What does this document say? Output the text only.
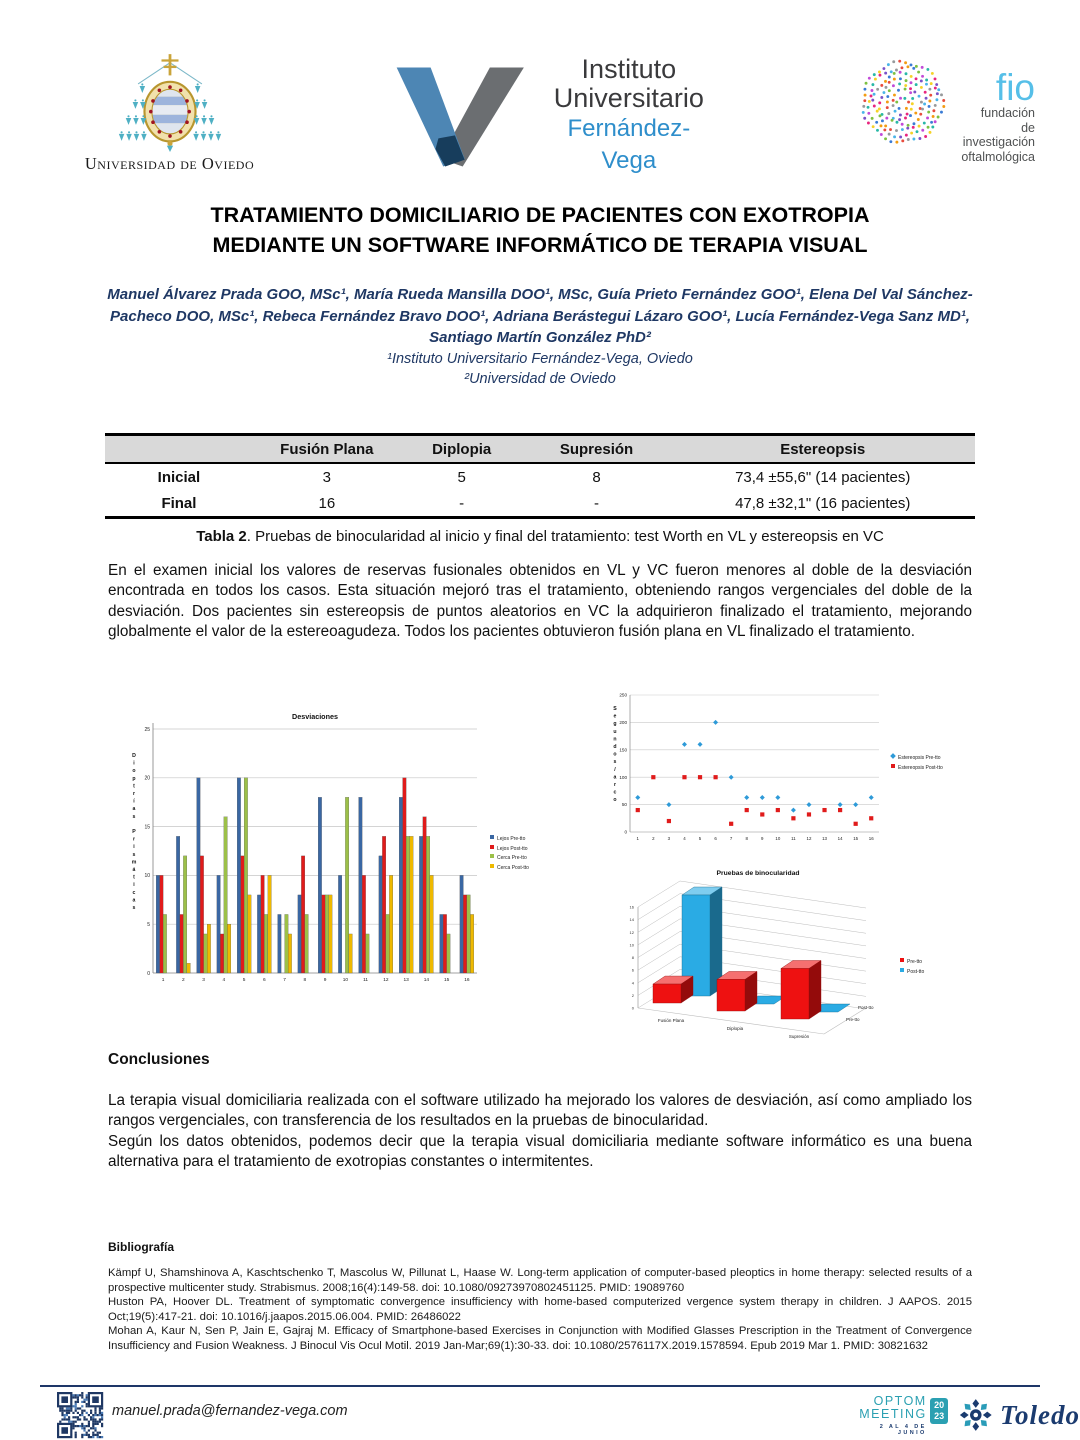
Universidad de Oviedo
Instituto
Universitario
Fernández-Vega
fio
fundación
de investigación
oftalmológica
TRATAMIENTO DOMICILIARIO DE PACIENTES CON EXOTROPIA
MEDIANTE UN SOFTWARE INFORMÁTICO DE TERAPIA VISUAL
Manuel Álvarez Prada GOO, MSc¹, María Rueda Mansilla DOO¹, MSc, Guía Prieto Fernández GOO¹, Elena Del Val Sánchez-Pacheco DOO, MSc¹, Rebeca Fernández Bravo DOO¹, Adriana Berástegui Lázaro GOO¹, Lucía Fernández-Vega Sanz MD¹, Santiago Martín González PhD²
¹Instituto Universitario Fernández-Vega, Oviedo
²Universidad de Oviedo
	Fusión Plana	Diplopia	Supresión	Estereopsis
Inicial	3	5	8	73,4 ±55,6" (14 pacientes)
Final	16	-	-	47,8 ±32,1" (16 pacientes)
Tabla 2. Pruebas de binocularidad al inicio y final del tratamiento: test Worth en VL y estereopsis en VC
En el examen inicial los valores de reservas fusionales obtenidos en VL y VC fueron menores al doble de la desviación encontrada en todos los casos. Esta situación mejoró tras el tratamiento, obteniendo rangos vergenciales del doble de la desviación. Dos pacientes sin estereopsis de puntos aleatorios en VC la adquirieron finalizado el tratamiento, mejorando globalmente el valor de la estereoagudeza. Todos los pacientes obtuvieron fusión plana en VL finalizado el tratamiento.
0
5
10
15
20
25
1	2	3	4	5	6	7	8	9	10	11	12	13	14	15	16
Desviaciones
Dioptrías Prismáticas	Lejos Pre-tto
Lejos Post-tto
Cerca Pre-tto
Cerca Post-tto
0
50
100
150
200
250
1	2	3	4	5	6	7	8	9	10 11 12 13 14 15 16
Segundos/arco	Estereopsis Pre-tto
Estereopsis Post-tto
Pruebas de binocularidad
0
2
4
6
8
10
12
14
16
Fusión Plana
Diplopia
Supresión
Post-tto
Pre-tto
Pre-tto
Post-tto
Conclusiones
La terapia visual domiciliaria realizada con el software utilizado ha mejorado los valores de desviación, así como ampliado los rangos vergenciales, con transferencia de los resultados en la pruebas de binocularidad.
Según los datos obtenidos, podemos decir que la terapia visual domiciliaria mediante software informático es una buena alternativa para el tratamiento de exotropias constantes o intermitentes.
Bibliografía
Kämpf U, Shamshinova A, Kaschtschenko T, Mascolus W, Pillunat L, Haase W. Long-term application of computer-based pleoptics in home therapy: selected results of a prospective multicenter study. Strabismus. 2008;16(4):149-58. doi: 10.1080/09273970802451125. PMID: 19089760
Huston PA, Hoover DL. Treatment of symptomatic convergence insufficiency with home-based computerized vergence system therapy in children. J AAPOS. 2015 Oct;19(5):417-21. doi: 10.1016/j.jaapos.2015.06.004. PMID: 26486022
Mohan A, Kaur N, Sen P, Jain E, Gajraj M. Efficacy of Smartphone-based Exercises in Conjunction with Modified Glasses Prescription in the Treatment of Convergence Insufficiency and Fusion Weakness. J Binocul Vis Ocul Motil. 2019 Jan-Mar;69(1):30-33. doi: 10.1080/2576117X.2019.1578594. Epub 2019 Mar 1. PMID: 30821632
manuel.prada@fernandez-vega.com
OPTOM
MEETING
2 AL 4 DE JUNIO
20
23 Toledo
